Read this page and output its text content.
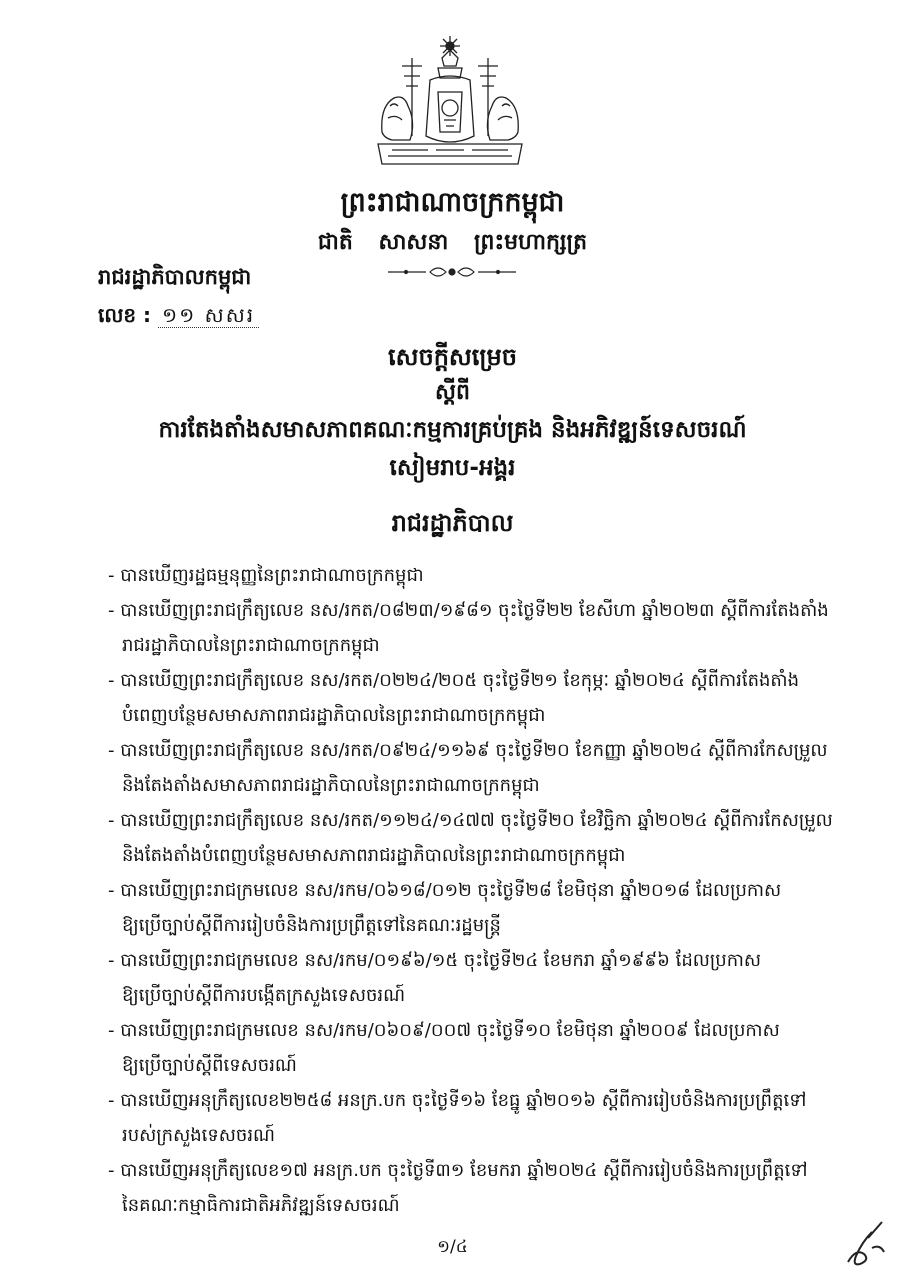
ព្រះរាជាណាចក្រកម្ពុជា
ជាតិ សាសនា ព្រះមហាក្សត្រ
រាជរដ្ឋាភិបាលកម្ពុជា
លេខ : ១១ សសរ
សេចក្ដីសម្រេច
ស្ដីពី
ការតែងតាំងសមាសភាពគណៈកម្មការគ្រប់គ្រង និងអភិវឌ្ឍន៍ទេសចរណ៍
សៀមរាប-អង្គរ
រាជរដ្ឋាភិបាល
- បានឃើញរដ្ឋធម្មនុញ្ញនៃព្រះរាជាណាចក្រកម្ពុជា
- បានឃើញព្រះរាជក្រឹត្យលេខ នស/រកត/០៨២៣/១៩៨១ ចុះថ្ងៃទី២២ ខែសីហា ឆ្នាំ២០២៣ ស្ដីពីការតែងតាំង
រាជរដ្ឋាភិបាលនៃព្រះរាជាណាចក្រកម្ពុជា
- បានឃើញព្រះរាជក្រឹត្យលេខ នស/រកត/០២២៤/២០៥ ចុះថ្ងៃទី២១ ខែកុម្ភៈ ឆ្នាំ២០២៤ ស្ដីពីការតែងតាំង
បំពេញបន្ថែមសមាសភាពរាជរដ្ឋាភិបាលនៃព្រះរាជាណាចក្រកម្ពុជា
- បានឃើញព្រះរាជក្រឹត្យលេខ នស/រកត/០៩២៤/១១៦៩ ចុះថ្ងៃទី២០ ខែកញ្ញា ឆ្នាំ២០២៤ ស្ដីពីការកែសម្រួល
និងតែងតាំងសមាសភាពរាជរដ្ឋាភិបាលនៃព្រះរាជាណាចក្រកម្ពុជា
- បានឃើញព្រះរាជក្រឹត្យលេខ នស/រកត/១១២៤/១៤៧៧ ចុះថ្ងៃទី២០ ខែវិច្ឆិកា ឆ្នាំ២០២៤ ស្ដីពីការកែសម្រួល
និងតែងតាំងបំពេញបន្ថែមសមាសភាពរាជរដ្ឋាភិបាលនៃព្រះរាជាណាចក្រកម្ពុជា
- បានឃើញព្រះរាជក្រមលេខ នស/រកម/០៦១៨/០១២ ចុះថ្ងៃទី២៨ ខែមិថុនា ឆ្នាំ២០១៨ ដែលប្រកាស
ឱ្យប្រើច្បាប់ស្ដីពីការរៀបចំនិងការប្រព្រឹត្តទៅនៃគណៈរដ្ឋមន្ត្រី
- បានឃើញព្រះរាជក្រមលេខ នស/រកម/០១៩៦/១៥ ចុះថ្ងៃទី២៤ ខែមករា ឆ្នាំ១៩៩៦ ដែលប្រកាស
ឱ្យប្រើច្បាប់ស្ដីពីការបង្កើតក្រសួងទេសចរណ៍
- បានឃើញព្រះរាជក្រមលេខ នស/រកម/០៦០៩/០០៧ ចុះថ្ងៃទី១០ ខែមិថុនា ឆ្នាំ២០០៩ ដែលប្រកាស
ឱ្យប្រើច្បាប់ស្ដីពីទេសចរណ៍
- បានឃើញអនុក្រឹត្យលេខ២២៥៨ អនក្រ.បក ចុះថ្ងៃទី១៦ ខែធ្នូ ឆ្នាំ២០១៦ ស្ដីពីការរៀបចំនិងការប្រព្រឹត្តទៅ
របស់ក្រសួងទេសចរណ៍
- បានឃើញអនុក្រឹត្យលេខ១៧ អនក្រ.បក ចុះថ្ងៃទី៣១ ខែមករា ឆ្នាំ២០២៤ ស្ដីពីការរៀបចំនិងការប្រព្រឹត្តទៅ
នៃគណៈកម្មាធិការជាតិអភិវឌ្ឍន៍ទេសចរណ៍
១/៤
